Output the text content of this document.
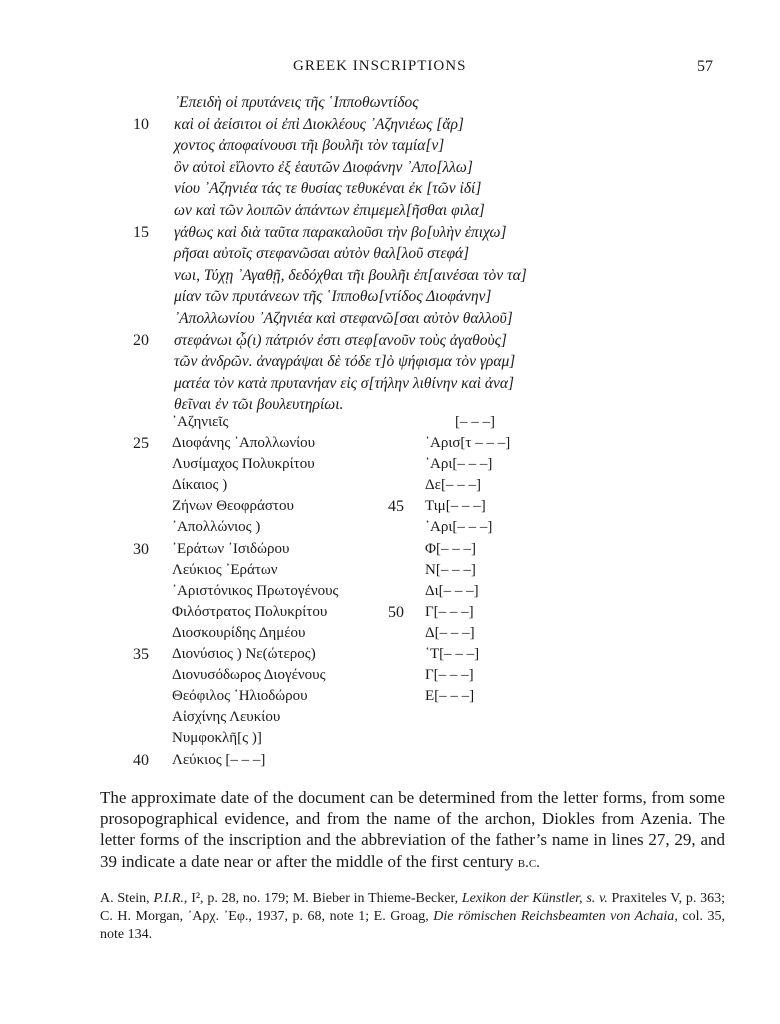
GREEK INSCRIPTIONS	57
᾽Επειδὴ οἱ πρυτάνεις τῆς ῾Ιπποθωντίδος
10	καὶ οἱ ἀείσιτοι οἱ ἐπὶ Διοκλέους ᾽Αζηνιέως [ἄρ]
χοντος ἀποφαίνουσι τῆι βουλῆι τὸν ταμία[ν]
ὃν αὐτοὶ εἵλοντο ἐξ ἑαυτῶν Διοφάνην ᾽Απο[λλω]
νίου ᾽Αζηνιέα τάς τε θυσίας τεθυκέναι ἐκ [τῶν ἰδί]
ων καὶ τῶν λοιπῶν ἁπάντων ἐπιμεμελ[ῆσθαι φιλα]
15	γάθως καὶ διὰ ταῦτα παρακαλοῦσι τὴν βο[υλὴν ἐπιχω]
ρῆσαι αὐτοῖς στεφανῶσαι αὐτὸν θαλ[λοῦ στεφά]
νωι, Τύχῃ ᾽Αγαθῇ, δεδόχθαι τῆι βουλῆι ἐπ[αινέσαι τὸν τα]
μίαν τῶν πρυτάνεων τῆς ῾Ιπποθω[ντίδος Διοφάνην]
᾽Απολλωνίου ᾽Αζηνιέα καὶ στεφανῶ[σαι αὐτὸν θαλλοῦ]
20	στεφάνωι ᾧ(ι) πάτριόν ἐστι στεφ[ανοῦν τοὺς ἀγαθοὺς]
τῶν ἀνδρῶν. ἀναγράψαι δὲ τόδε τ]ὸ ψήφισμα τὸν γραμ]
ματέα τὸν κατὰ πρυτανήαν εἰς σ[τήλην λιθίνην καὶ ἀνα]
θεῖναι ἐν τῶι βουλευτηρίωι.
᾽Αζηνιεῖς	[– – –]
25 Διοφάνης ᾽Απολλωνίου	᾽Αρισ[τ – – –]
Λυσίμαχος Πολυκρίτου	᾽Αρι[– – –]
Δίκαιος )	Δε[– – –]
Ζήνων Θεοφράστου	45 Τιμ[– – –]
᾽Απολλώνιος )	᾽Αρι[– – –]
30 ᾽Εράτων ᾽Ισιδώρου	Φ[– – –]
Λεύκιος ᾽Εράτων	Ν[– – –]
᾽Αριστόνικος Πρωτογένους	Δι[– – –]
Φιλόστρατος Πολυκρίτου	50 Γ[– – –]
Διοσκουρίδης Δημέου	Δ[– – –]
35 Διονύσιος ) Νε(ώτερος)	῾Τ[– – –]
Διονυσόδωρος Διογένους	Γ[– – –]
Θεόφιλος ῾Ηλιοδώρου	Ε[– – –]
Αἰσχίνης Λευκίου
Νυμφοκλῆ[ς )]
40 Λεύκιος [– – –]

The approximate date of the document can be determined from the letter forms, from some prosopographical evidence, and from the name of the archon, Diokles from Azenia. The letter forms of the inscription and the abbreviation of the father’s name in lines 27, 29, and 39 indicate a date near or after the middle of the first century b.c.

A. Stein, P.I.R., I², p. 28, no. 179; M. Bieber in Thieme-Becker, Lexikon der Künstler, s. v. Praxiteles V, p. 363; C. H. Morgan, ᾽Αρχ. ᾽Εφ., 1937, p. 68, note 1; E. Groag, Die römischen Reichsbeamten von Achaia, col. 35, note 134.
